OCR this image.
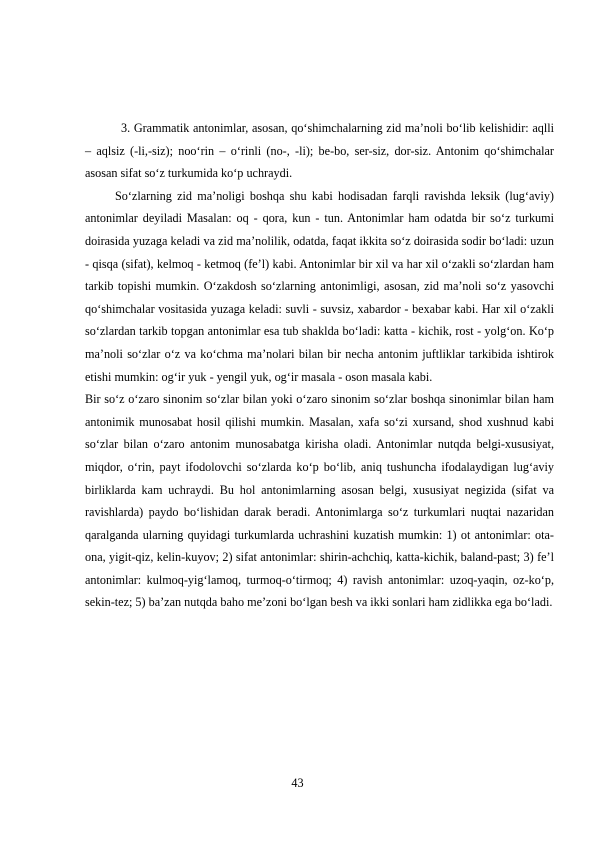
3. Grammatik antonimlar, asosan, qo‘shimchalarning zid ma’noli bo‘lib kelishidir: aqlli – aqlsiz (-li,-siz); noo‘rin – o‘rinli (no-, -li); be-bo, ser-siz, dor-siz. Antonim qo‘shimchalar asosan sifat so‘z turkumida ko‘p uchraydi.

So‘zlarning zid ma’noligi boshqa shu kabi hodisadan farqli ravishda leksik (lug‘aviy) antonimlar deyiladi Masalan: oq - qora, kun - tun. Antonimlar ham odatda bir so‘z turkumi doirasida yuzaga keladi va zid ma’nolilik, odatda, faqat ikkita so‘z doirasida sodir bo‘ladi: uzun - qisqa (sifat), kelmoq - ketmoq (fe’l) kabi. Antonimlar bir xil va har xil o‘zakli so‘zlardan ham tarkib topishi mumkin. O‘zakdosh so‘zlarning antonimligi, asosan, zid ma’noli so‘z yasovchi qo‘shimchalar vositasida yuzaga keladi: suvli - suvsiz, xabardor - bexabar kabi. Har xil o‘zakli so‘zlardan tarkib topgan antonimlar esa tub shaklda bo‘ladi: katta - kichik, rost - yolg‘on. Ko‘p ma’noli so‘zlar o‘z va ko‘chma ma’nolari bilan bir necha antonim juftliklar tarkibida ishtirok etishi mumkin: og‘ir yuk - yengil yuk, og‘ir masala - oson masala kabi.

Bir so‘z o‘zaro sinonim so‘zlar bilan yoki o‘zaro sinonim so‘zlar boshqa sinonimlar bilan ham antonimik munosabat hosil qilishi mumkin. Masalan, xafa so‘zi xursand, shod xushnud kabi so‘zlar bilan o‘zaro antonim munosabatga kirisha oladi. Antonimlar nutqda belgi-xususiyat, miqdor, o‘rin, payt ifodolovchi so‘zlarda ko‘p bo‘lib, aniq tushuncha ifodalaydigan lug‘aviy birliklarda kam uchraydi. Bu hol antonimlarning asosan belgi, xususiyat negizida (sifat va ravishlarda) paydo bo‘lishidan darak beradi. Antonimlarga so‘z turkumlari nuqtai nazaridan qaralganda ularning quyidagi turkumlarda uchrashini kuzatish mumkin: 1) ot antonimlar: ota-ona, yigit-qiz, kelin-kuyov; 2) sifat antonimlar: shirin-achchiq, katta-kichik, baland-past; 3) fe’l antonimlar: kulmoq-yig‘lamoq, turmoq-o‘tirmoq; 4) ravish antonimlar: uzoq-yaqin, oz-ko‘p, sekin-tez; 5) ba’zan nutqda baho me’zoni bo‘lgan besh va ikki sonlari ham zidlikka ega bo‘ladi.

43
